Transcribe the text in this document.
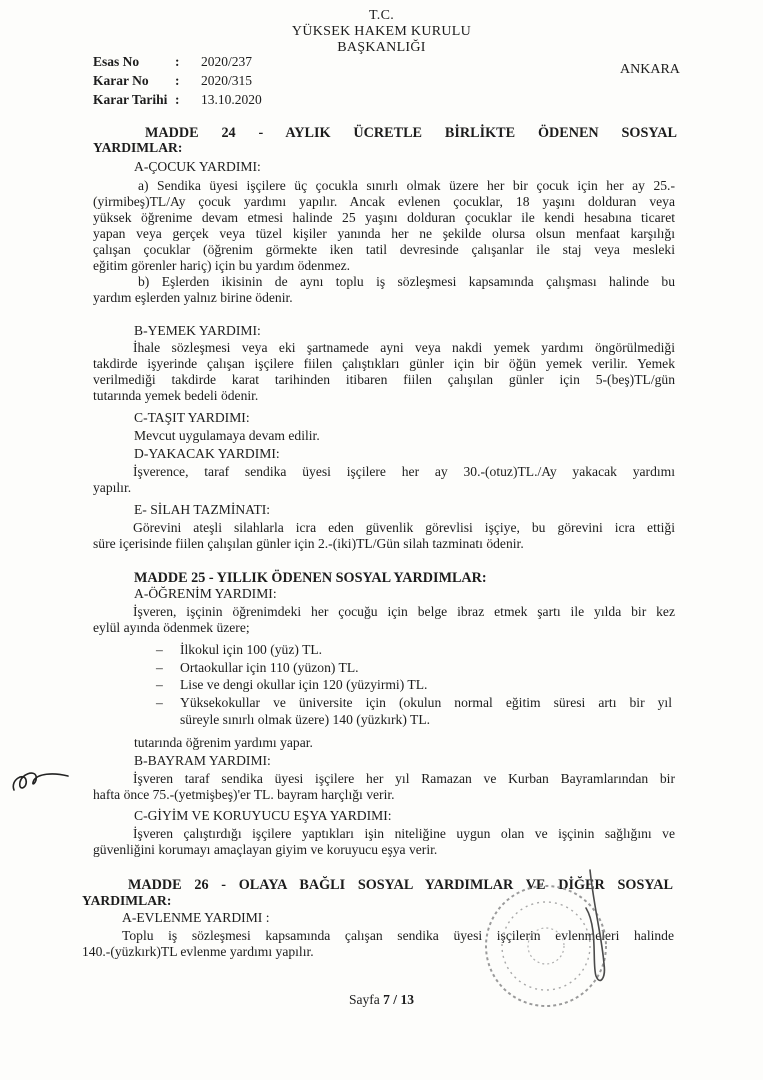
T.C.
YÜKSEK HAKEM KURULU
BAŞKANLIĞI
Esas No	:	2020/237
Karar No	:	2020/315
Karar Tarihi :	13.10.2020
ANKARA
MADDE 24 - AYLIK ÜCRETLE BİRLİKTE ÖDENEN SOSYAL
YARDIMLAR:
A-ÇOCUK YARDIMI:
a) Sendika üyesi işçilere üç çocukla sınırlı olmak üzere her bir çocuk için her ay 25.-
(yirmibeş)TL/Ay çocuk yardımı yapılır. Ancak evlenen çocuklar, 18 yaşını dolduran veya
yüksek öğrenime devam etmesi halinde 25 yaşını dolduran çocuklar ile kendi hesabına ticaret
yapan veya gerçek veya tüzel kişiler yanında her ne şekilde olursa olsun menfaat karşılığı
çalışan çocuklar (öğrenim görmekte iken tatil devresinde çalışanlar ile staj veya mesleki
eğitim görenler hariç) için bu yardım ödenmez.
b) Eşlerden ikisinin de aynı toplu iş sözleşmesi kapsamında çalışması halinde bu
yardım eşlerden yalnız birine ödenir.
B-YEMEK YARDIMI:
İhale sözleşmesi veya eki şartnamede ayni veya nakdi yemek yardımı öngörülmediği
takdirde işyerinde çalışan işçilere fiilen çalıştıkları günler için bir öğün yemek verilir. Yemek
verilmediği takdirde karat tarihinden itibaren fiilen çalışılan günler için 5-(beş)TL/gün
tutarında yemek bedeli ödenir.
C-TAŞIT YARDIMI:
Mevcut uygulamaya devam edilir.
D-YAKACAK YARDIMI:
İşverence, taraf sendika üyesi işçilere her ay 30.-(otuz)TL./Ay yakacak yardımı
yapılır.
E- SİLAH TAZMİNATI:
Görevini ateşli silahlarla icra eden güvenlik görevlisi işçiye, bu görevini icra ettiği
süre içerisinde fiilen çalışılan günler için 2.-(iki)TL/Gün silah tazminatı ödenir.
MADDE 25 - YILLIK ÖDENEN SOSYAL YARDIMLAR:
A-ÖĞRENİM YARDIMI:
İşveren, işçinin öğrenimdeki her çocuğu için belge ibraz etmek şartı ile yılda bir kez
eylül ayında ödenmek üzere;
– İlkokul için 100 (yüz) TL.
– Ortaokullar için 110 (yüzon) TL.
– Lise ve dengi okullar için 120 (yüzyirmi) TL.
– Yüksekokullar ve üniversite için (okulun normal eğitim süresi artı bir yıl
süreyle sınırlı olmak üzere) 140 (yüzkırk) TL.
tutarında öğrenim yardımı yapar.
B-BAYRAM YARDIMI:
İşveren taraf sendika üyesi işçilere her yıl Ramazan ve Kurban Bayramlarından bir
hafta önce 75.-(yetmişbeş)'er TL. bayram harçlığı verir.
C-GİYİM VE KORUYUCU EŞYA YARDIMI:
İşveren çalıştırdığı işçilere yaptıkları işin niteliğine uygun olan ve işçinin sağlığını ve
güvenliğini korumayı amaçlayan giyim ve koruyucu eşya verir.
MADDE 26 - OLAYA BAĞLI SOSYAL YARDIMLAR VE DİĞER SOSYAL
YARDIMLAR:
A-EVLENME YARDIMI :
Toplu iş sözleşmesi kapsamında çalışan sendika üyesi işçilerin evlenmeleri halinde
140.-(yüzkırk)TL evlenme yardımı yapılır.
Sayfa 7 / 13
